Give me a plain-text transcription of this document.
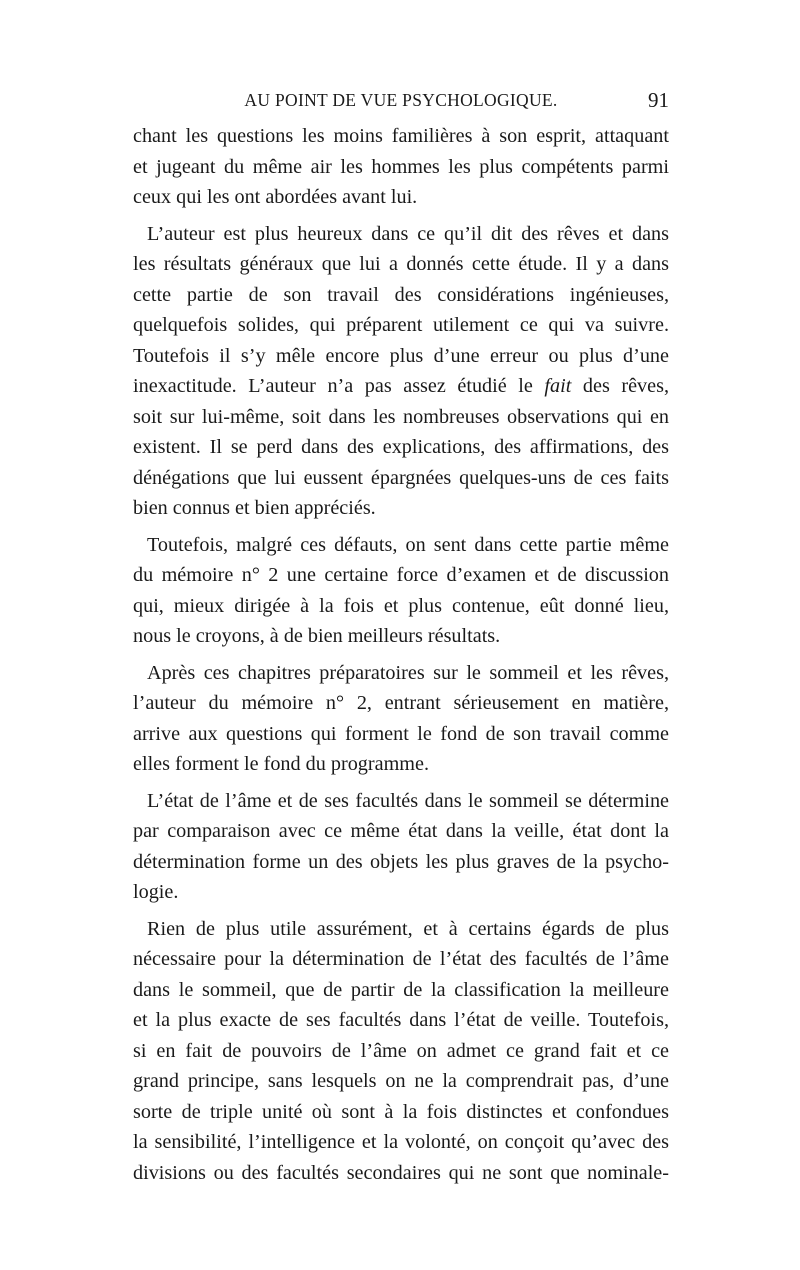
AU POINT DE VUE PSYCHOLOGIQUE.	91

chant les questions les moins familières à son esprit, attaquant

et jugeant du même air les hommes les plus compétents parmi

ceux qui les ont abordées avant lui.

L’auteur est plus heureux dans ce qu’il dit des rêves et dans

les résultats généraux que lui a donnés cette étude. Il y a dans

cette partie de son travail des considérations ingénieuses,

quelquefois solides, qui préparent utilement ce qui va suivre.

Toutefois il s’y mêle encore plus d’une erreur ou plus d’une

inexactitude. L’auteur n’a pas assez étudié le fait des rêves,

soit sur lui-même, soit dans les nombreuses observations qui en

existent. Il se perd dans des explications, des affirmations, des

dénégations que lui eussent épargnées quelques-uns de ces faits

bien connus et bien appréciés.

Toutefois, malgré ces défauts, on sent dans cette partie même

du mémoire n° 2 une certaine force d’examen et de discussion

qui, mieux dirigée à la fois et plus contenue, eût donné lieu,

nous le croyons, à de bien meilleurs résultats.

Après ces chapitres préparatoires sur le sommeil et les rêves,

l’auteur du mémoire n° 2, entrant sérieusement en matière,

arrive aux questions qui forment le fond de son travail comme

elles forment le fond du programme.

L’état de l’âme et de ses facultés dans le sommeil se détermine

par comparaison avec ce même état dans la veille, état dont la

détermination forme un des objets les plus graves de la psycho-

logie.

Rien de plus utile assurément, et à certains égards de plus

nécessaire pour la détermination de l’état des facultés de l’âme

dans le sommeil, que de partir de la classification la meilleure

et la plus exacte de ses facultés dans l’état de veille. Toutefois,

si en fait de pouvoirs de l’âme on admet ce grand fait et ce

grand principe, sans lesquels on ne la comprendrait pas, d’une

sorte de triple unité où sont à la fois distinctes et confondues

la sensibilité, l’intelligence et la volonté, on conçoit qu’avec des

divisions ou des facultés secondaires qui ne sont que nominale-
